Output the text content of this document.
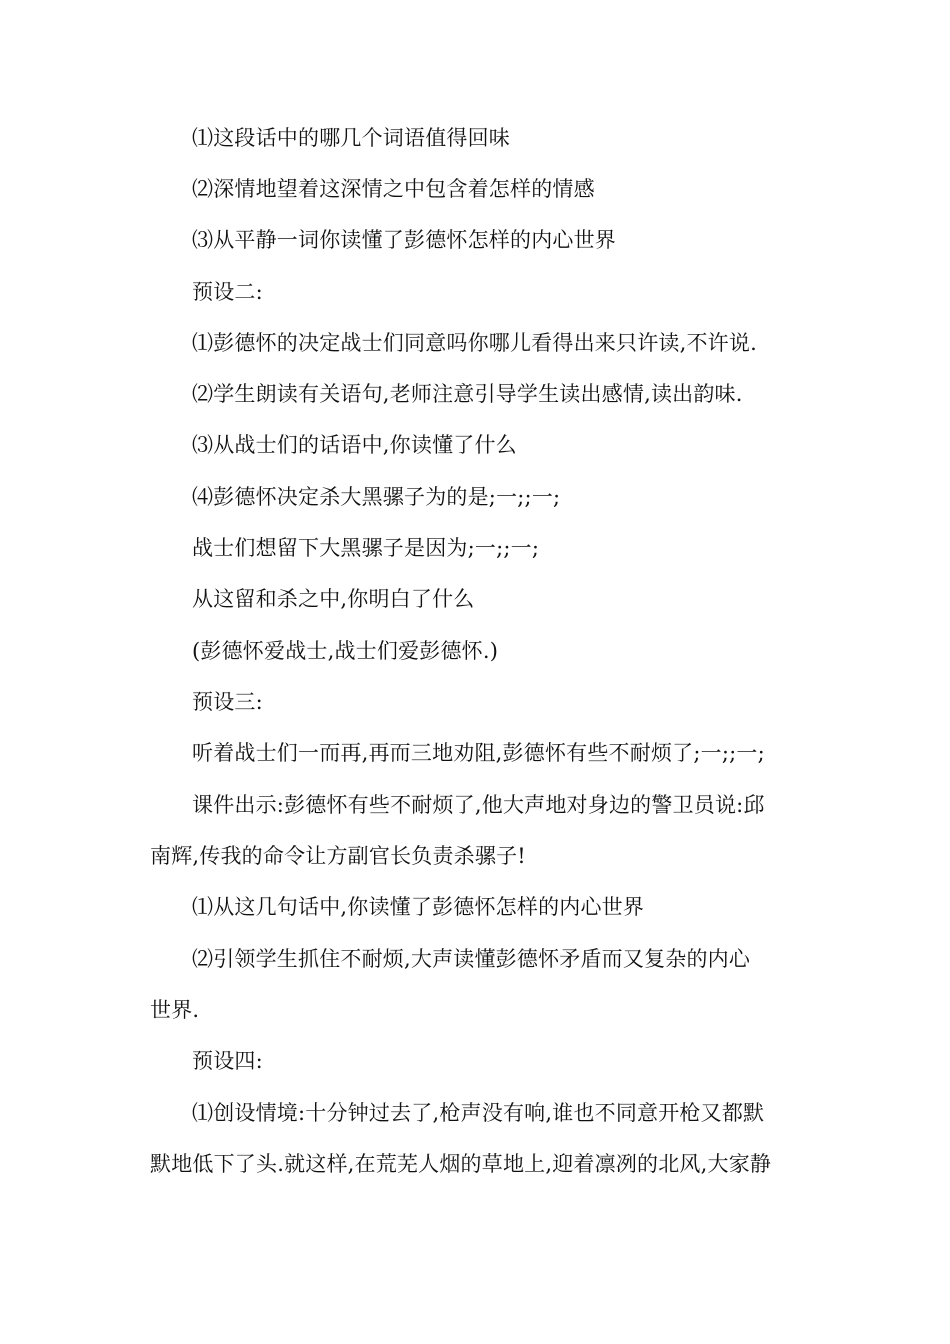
⑴这段话中的哪几个词语值得回味
⑵深情地望着这深情之中包含着怎样的情感
⑶从平静一词你读懂了彭德怀怎样的内心世界
预设二:
⑴彭德怀的决定战士们同意吗你哪儿看得出来只许读,不许说.
⑵学生朗读有关语句,老师注意引导学生读出感情,读出韵味.
⑶从战士们的话语中,你读懂了什么
⑷彭德怀决定杀大黑骡子为的是;一;;一;
战士们想留下大黑骡子是因为;一;;一;
从这留和杀之中,你明白了什么
(彭德怀爱战士,战士们爱彭德怀.)
预设三:
听着战士们一而再,再而三地劝阻,彭德怀有些不耐烦了;一;;一;
课件出示:彭德怀有些不耐烦了,他大声地对身边的警卫员说:邱
南辉,传我的命令让方副官长负责杀骡子!
⑴从这几句话中,你读懂了彭德怀怎样的内心世界
⑵引领学生抓住不耐烦,大声读懂彭德怀矛盾而又复杂的内心
世界.
预设四:
⑴创设情境:十分钟过去了,枪声没有响,谁也不同意开枪又都默
默地低下了头.就这样,在荒芜人烟的草地上,迎着凛冽的北风,大家静
